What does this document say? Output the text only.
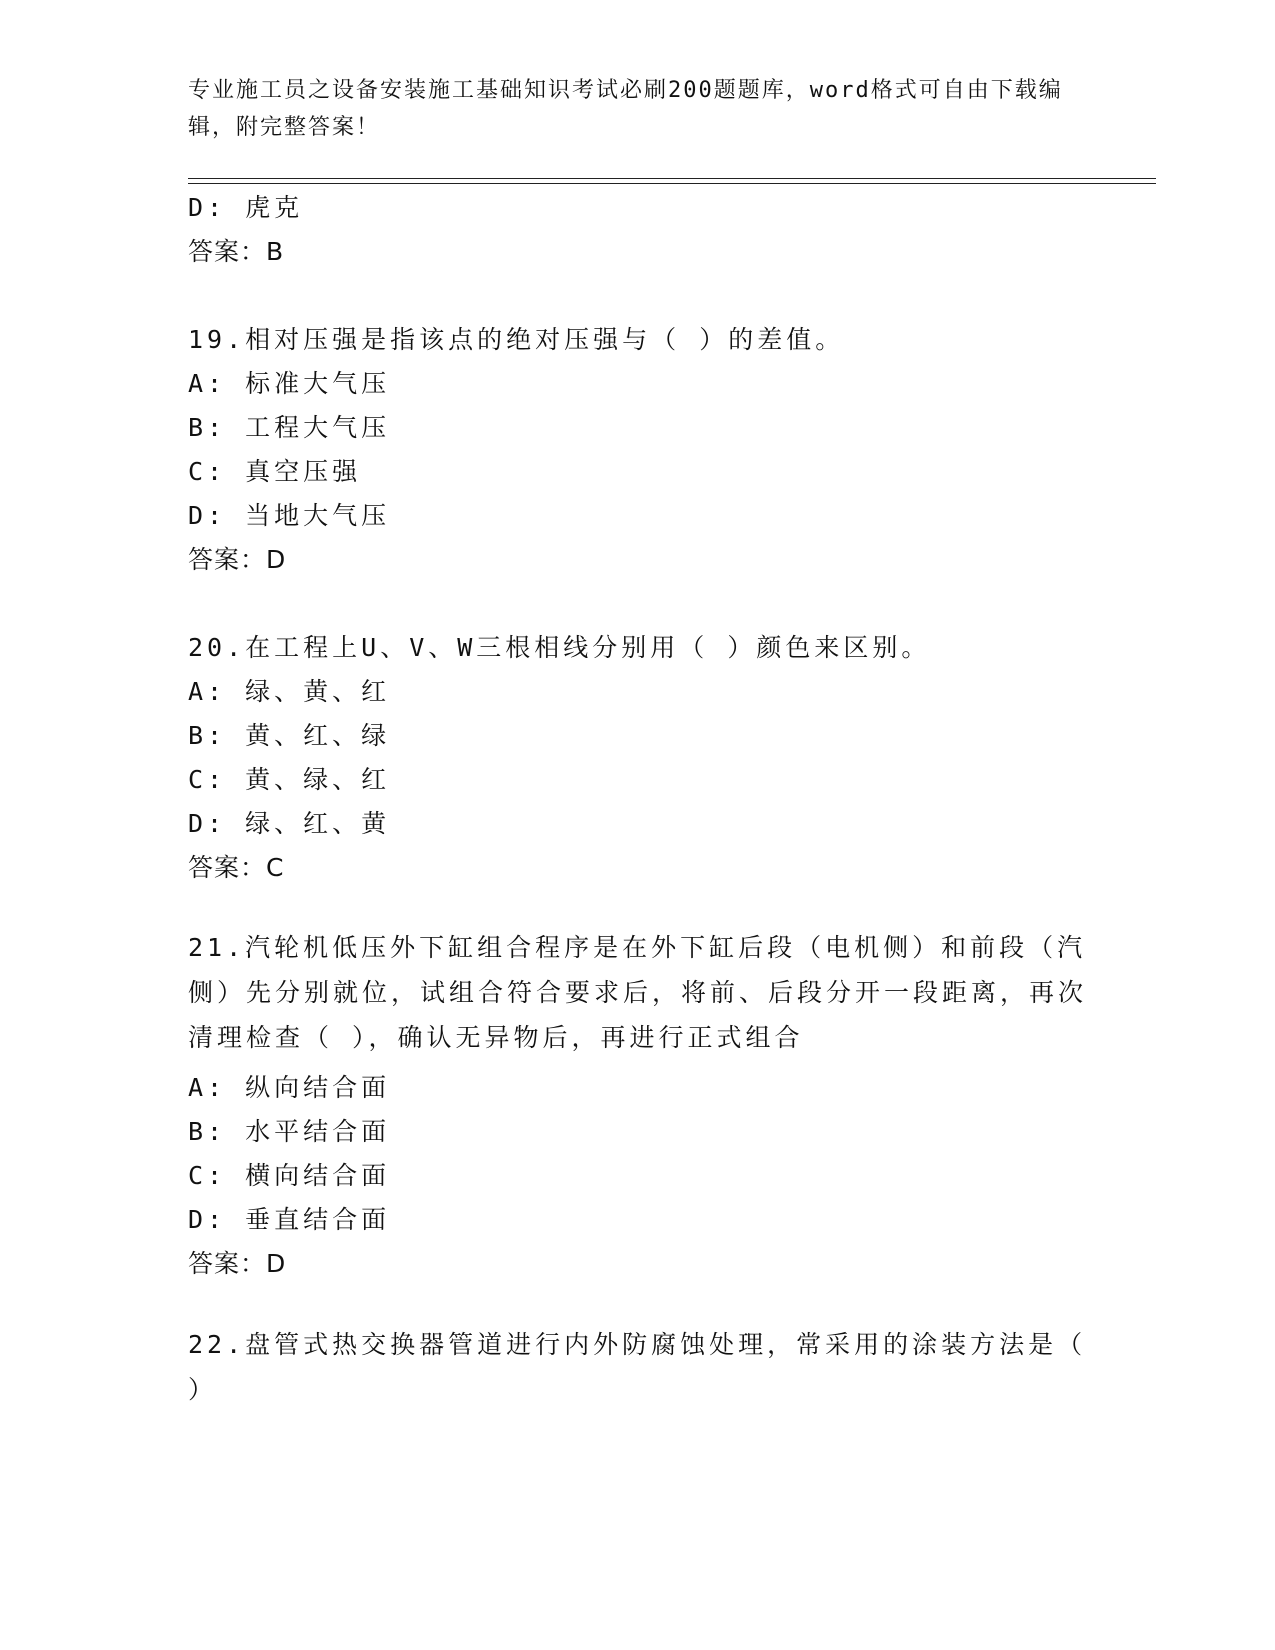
专业施工员之设备安装施工基础知识考试必刷200题题库，word格式可自由下载编辑，附完整答案！
D: 虎克
答案：B
19.相对压强是指该点的绝对压强与（ ）的差值。
A: 标准大气压
B: 工程大气压
C: 真空压强
D: 当地大气压
答案：D
20.在工程上U、V、W三根相线分别用（ ）颜色来区别。
A: 绿、黄、红
B: 黄、红、绿
C: 黄、绿、红
D: 绿、红、黄
答案：C
21.汽轮机低压外下缸组合程序是在外下缸后段（电机侧）和前段（汽侧）先分别就位，试组合符合要求后，将前、后段分开一段距离，再次清理检查（ ），确认无异物后，再进行正式组合
A: 纵向结合面
B: 水平结合面
C: 横向结合面
D: 垂直结合面
答案：D
22.盘管式热交换器管道进行内外防腐蚀处理，常采用的涂装方法是（ ）
